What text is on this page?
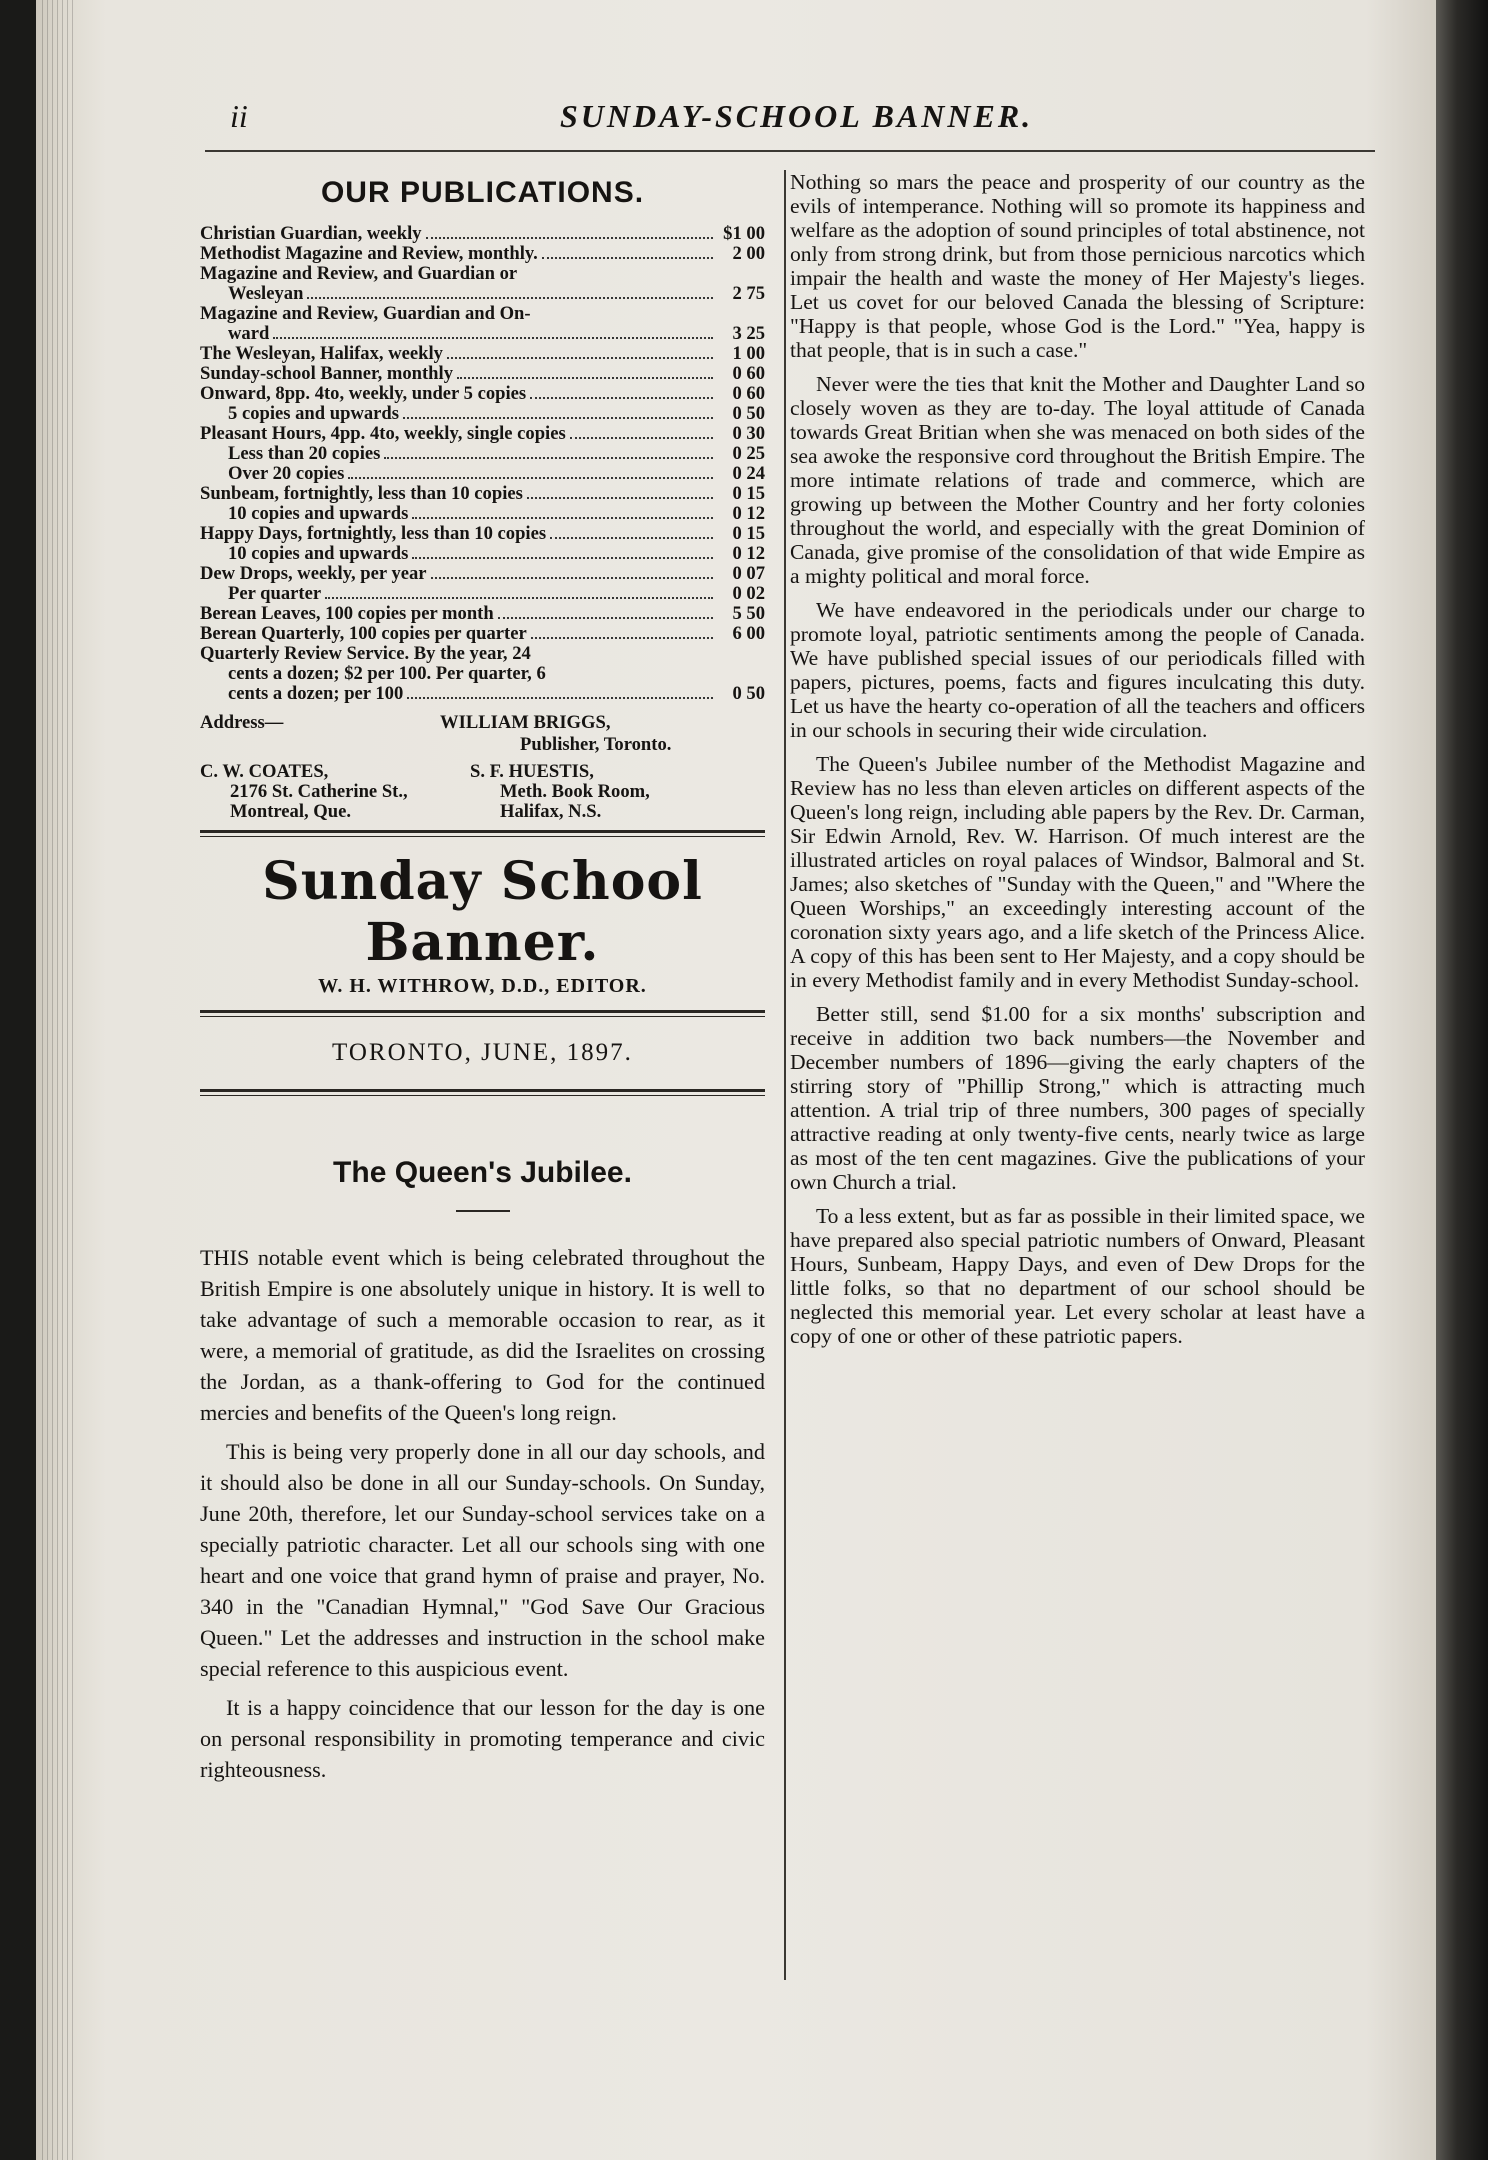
ii	SUNDAY-SCHOOL BANNER.
OUR PUBLICATIONS.
Christian Guardian, weekly	$1 00
Methodist Magazine and Review, monthly.	2 00
Magazine and Review, and Guardian or
Wesleyan	2 75
Magazine and Review, Guardian and On-
ward	3 25
The Wesleyan, Halifax, weekly	1 00
Sunday-school Banner, monthly	0 60
Onward, 8pp. 4to, weekly, under 5 copies	0 60
5 copies and upwards	0 50
Pleasant Hours, 4pp. 4to, weekly, single copies	0 30
Less than 20 copies	0 25
Over 20 copies	0 24
Sunbeam, fortnightly, less than 10 copies	0 15
10 copies and upwards	0 12
Happy Days, fortnightly, less than 10 copies	0 15
10 copies and upwards	0 12
Dew Drops, weekly, per year	0 07
Per quarter	0 02
Berean Leaves, 100 copies per month	5 50
Berean Quarterly, 100 copies per quarter	6 00
Quarterly Review Service. By the year, 24
cents a dozen; $2 per 100. Per quarter, 6
cents a dozen; per 100	0 50
Address—	WILLIAM BRIGGS,
Publisher, Toronto.
C. W. COATES,
2176 St. Catherine St.,
Montreal, Que.
S. F. HUESTIS,
Meth. Book Room,
Halifax, N.S.
Sunday School Banner.
W. H. WITHROW, D.D., EDITOR.
TORONTO, JUNE, 1897.
The Queen's Jubilee.

THIS notable event which is being celebrated throughout the British Empire is one absolutely unique in history. It is well to take advantage of such a memorable occasion to rear, as it were, a memorial of gratitude, as did the Israelites on crossing the Jordan, as a thank-offering to God for the continued mercies and benefits of the Queen's long reign.

This is being very properly done in all our day schools, and it should also be done in all our Sunday-schools. On Sunday, June 20th, therefore, let our Sunday-school services take on a specially patriotic character. Let all our schools sing with one heart and one voice that grand hymn of praise and prayer, No. 340 in the "Canadian Hymnal," "God Save Our Gracious Queen." Let the addresses and instruction in the school make special reference to this auspicious event.

It is a happy coincidence that our lesson for the day is one on personal responsibility in promoting temperance and civic righteousness.

Nothing so mars the peace and prosperity of our country as the evils of intemperance. Nothing will so promote its happiness and welfare as the adoption of sound principles of total abstinence, not only from strong drink, but from those pernicious narcotics which impair the health and waste the money of Her Majesty's lieges. Let us covet for our beloved Canada the blessing of Scripture: "Happy is that people, whose God is the Lord." "Yea, happy is that people, that is in such a case."

Never were the ties that knit the Mother and Daughter Land so closely woven as they are to-day. The loyal attitude of Canada towards Great Britian when she was menaced on both sides of the sea awoke the responsive cord throughout the British Empire. The more intimate relations of trade and commerce, which are growing up between the Mother Country and her forty colonies throughout the world, and especially with the great Dominion of Canada, give promise of the consolidation of that wide Empire as a mighty political and moral force.

We have endeavored in the periodicals under our charge to promote loyal, patriotic sentiments among the people of Canada. We have published special issues of our periodicals filled with papers, pictures, poems, facts and figures inculcating this duty. Let us have the hearty co-operation of all the teachers and officers in our schools in securing their wide circulation.

The Queen's Jubilee number of the Methodist Magazine and Review has no less than eleven articles on different aspects of the Queen's long reign, including able papers by the Rev. Dr. Carman, Sir Edwin Arnold, Rev. W. Harrison. Of much interest are the illustrated articles on royal palaces of Windsor, Balmoral and St. James; also sketches of "Sunday with the Queen," and "Where the Queen Worships," an exceedingly interesting account of the coronation sixty years ago, and a life sketch of the Princess Alice. A copy of this has been sent to Her Majesty, and a copy should be in every Methodist family and in every Methodist Sunday-school.

Better still, send $1.00 for a six months' subscription and receive in addition two back numbers—the November and December numbers of 1896—giving the early chapters of the stirring story of "Phillip Strong," which is attracting much attention. A trial trip of three numbers, 300 pages of specially attractive reading at only twenty-five cents, nearly twice as large as most of the ten cent magazines. Give the publications of your own Church a trial.

To a less extent, but as far as possible in their limited space, we have prepared also special patriotic numbers of Onward, Pleasant Hours, Sunbeam, Happy Days, and even of Dew Drops for the little folks, so that no department of our school should be neglected this memorial year. Let every scholar at least have a copy of one or other of these patriotic papers.
